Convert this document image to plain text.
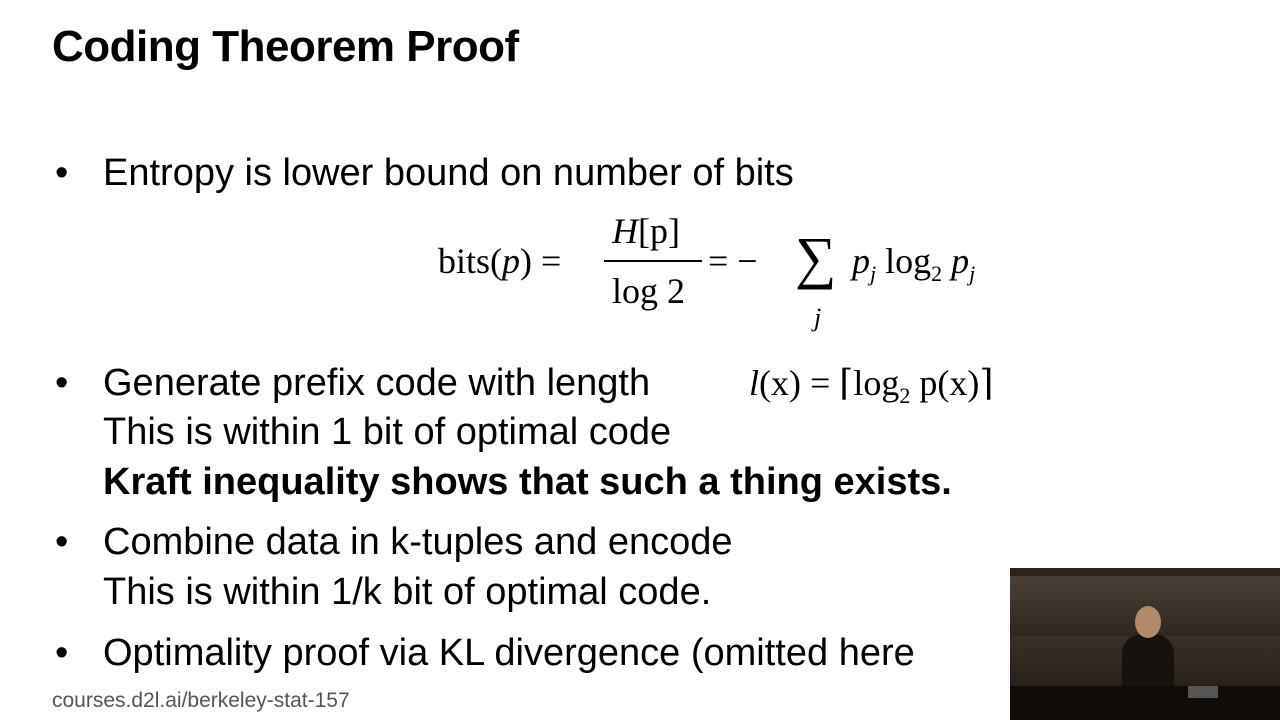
Coding Theorem Proof
• Entropy is lower bound on number of bits
bits(p) =
H[p]
log 2
= − ∑
j
$p_j$ $\log_2 p_j$
• Generate prefix code with length	$l(x) = ⌈\log_2$ p(x)⌉
This is within 1 bit of optimal code
Kraft inequality shows that such a thing exists.
• Combine data in k-tuples and encode
This is within 1/k bit of optimal code.
• Optimality proof via KL divergence (omitted here
courses.d2l.ai/berkeley-stat-157
